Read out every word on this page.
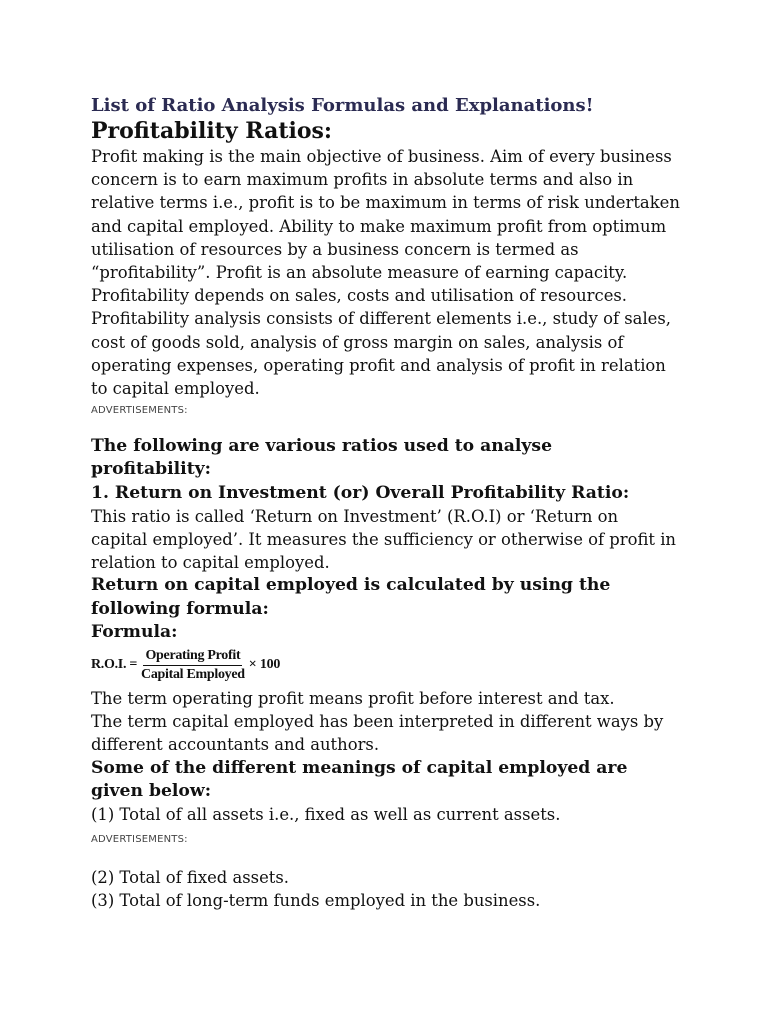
List of Ratio Analysis Formulas and Explanations!
Profitability Ratios:

Profit making is the main objective of business. Aim of every business
concern is to earn maximum profits in absolute terms and also in
relative terms i.e., profit is to be maximum in terms of risk undertaken
and capital employed. Ability to make maximum profit from optimum
utilisation of resources by a business concern is termed as
“profitability”. Profit is an absolute measure of earning capacity.
Profitability depends on sales, costs and utilisation of resources.
Profitability analysis consists of different elements i.e., study of sales,
cost of goods sold, analysis of gross margin on sales, analysis of
operating expenses, operating profit and analysis of profit in relation
to capital employed.

ADVERTISEMENTS:

The following are various ratios used to analyse
profitability:

1. Return on Investment (or) Overall Profitability Ratio:

This ratio is called ‘Return on Investment’ (R.O.I) or ‘Return on
capital employed’. It measures the sufficiency or otherwise of profit in
relation to capital employed.

Return on capital employed is calculated by using the
following formula:

Formula:

R.O.I. = $\frac{\text{Operating Profit}}{\text{Capital Employed}} \times 100$

The term operating profit means profit before interest and tax.
The term capital employed has been interpreted in different ways by
different accountants and authors.

Some of the different meanings of capital employed are
given below:

(1) Total of all assets i.e., fixed as well as current assets.

ADVERTISEMENTS:

(2) Total of fixed assets.

(3) Total of long-term funds employed in the business.
